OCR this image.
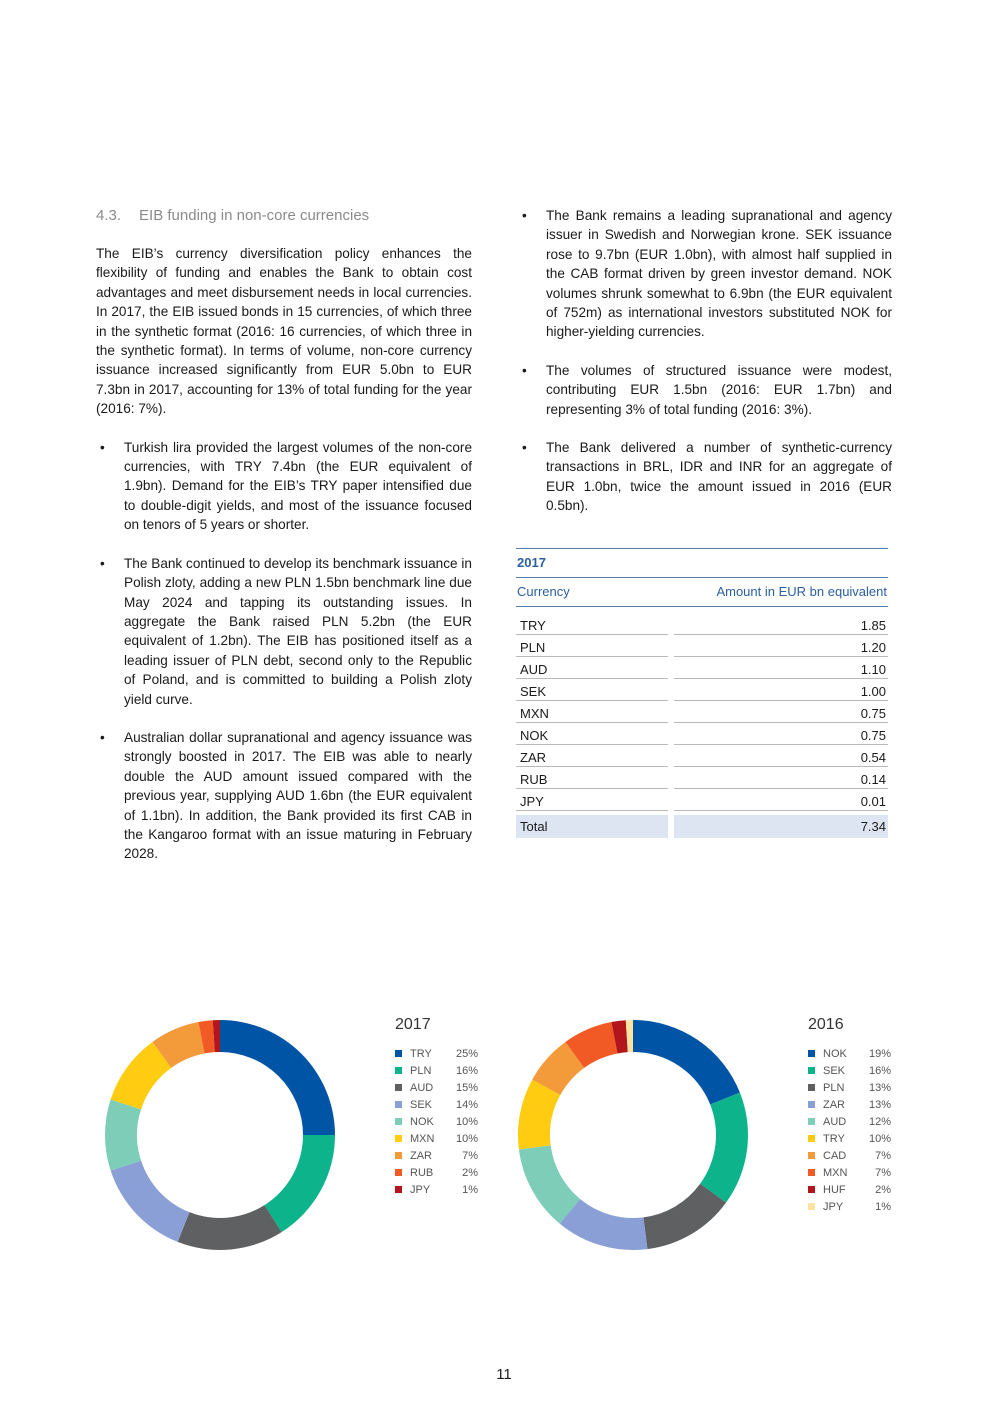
4.3. EIB funding in non-core currencies

The EIB’s currency diversification policy enhances the flexibility of funding and enables the Bank to obtain cost advantages and meet disbursement needs in local currencies. In 2017, the EIB issued bonds in 15 currencies, of which three in the synthetic format (2016: 16 currencies, of which three in the synthetic format). In terms of volume, non-core currency issuance increased significantly from EUR 5.0bn to EUR 7.3bn in 2017, accounting for 13% of total funding for the year (2016: 7%).

• Turkish lira provided the largest volumes of the non-core currencies, with TRY 7.4bn (the EUR equivalent of 1.9bn). Demand for the EIB’s TRY paper intensified due to double-digit yields, and most of the issuance focused on tenors of 5 years or shorter.
• The Bank continued to develop its benchmark issuance in Polish zloty, adding a new PLN 1.5bn benchmark line due May 2024 and tapping its outstanding issues. In aggregate the Bank raised PLN 5.2bn (the EUR equivalent of 1.2bn). The EIB has positioned itself as a leading issuer of PLN debt, second only to the Republic of Poland, and is committed to building a Polish zloty yield curve.
• Australian dollar supranational and agency issuance was strongly boosted in 2017. The EIB was able to nearly double the AUD amount issued compared with the previous year, supplying AUD 1.6bn (the EUR equivalent of 1.1bn). In addition, the Bank provided its first CAB in the Kangaroo format with an issue maturing in February 2028.
• The Bank remains a leading supranational and agency issuer in Swedish and Norwegian krone. SEK issuance rose to 9.7bn (EUR 1.0bn), with almost half supplied in the CAB format driven by green investor demand. NOK volumes shrunk somewhat to 6.9bn (the EUR equivalent of 752m) as international investors substituted NOK for higher-yielding currencies.
• The volumes of structured issuance were modest, contributing EUR 1.5bn (2016: EUR 1.7bn) and representing 3% of total funding (2016: 3%).
• The Bank delivered a number of synthetic-currency transactions in BRL, IDR and INR for an aggregate of EUR 1.0bn, twice the amount issued in 2016 (EUR 0.5bn).
2017
Currency	Amount in EUR bn equivalent
TRY	1.85
PLN	1.20
AUD	1.10
SEK	1.00
MXN	0.75
NOK	0.75
ZAR	0.54
RUB	0.14
JPY	0.01
Total	7.34
2017
TRY	25%
PLN	16%
AUD	15%
SEK	14%
NOK	10%
MXN	10%
ZAR	7%
RUB	2%
JPY	1%
2016
NOK	19%
SEK	16%
PLN	13%
ZAR	13%
AUD	12%
TRY	10%
CAD	7%
MXN	7%
HUF	2%
JPY	1%
11
